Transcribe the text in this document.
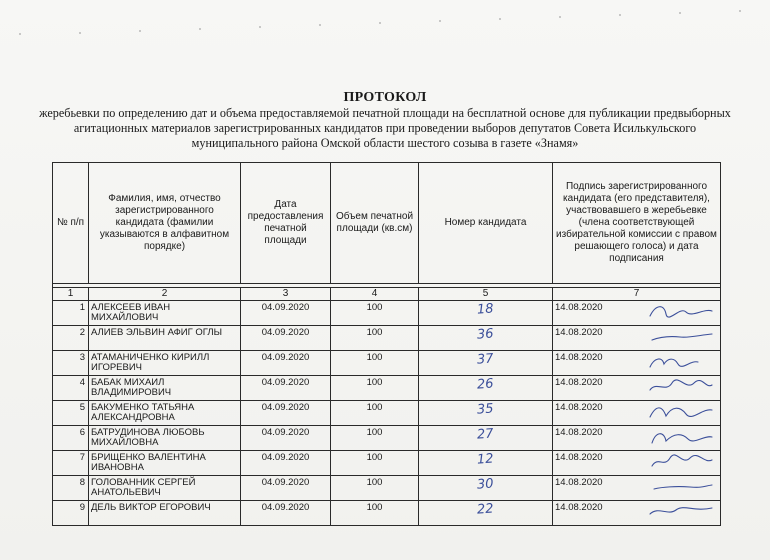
ПРОТОКОЛ
жеребьевки по определению дат и объема предоставляемой печатной площади на бесплатной основе для публикации предвыборных агитационных материалов зарегистрированных кандидатов при проведении выборов депутатов Совета Исилькульского муниципального района Омской области шестого созыва в газете «Знамя»
№ п/п	Фамилия, имя, отчество зарегистрированного кандидата (фамилии указываются в алфавитном порядке)	Дата предоставления печатной площади	Объем печатной площади (кв.см)	Номер кандидата	Подпись зарегистрированного кандидата (его представителя), участвовавшего в жеребьевке (члена соответствующей избирательной комиссии с правом решающего голоса) и дата подписания

1	2	3	4	5	7
1	АЛЕКСЕЕВ ИВАН МИХАЙЛОВИЧ	04.09.2020	100	18	14.08.2020

2	АЛИЕВ ЭЛЬВИН АФИГ ОГЛЫ	04.09.2020	100	36	14.08.2020

3	АТАМАНИЧЕНКО КИРИЛЛ ИГОРЕВИЧ	04.09.2020	100	37	14.08.2020

4	БАБАК МИХАИЛ ВЛАДИМИРОВИЧ	04.09.2020	100	26	14.08.2020

5	БАКУМЕНКО ТАТЬЯНА АЛЕКСАНДРОВНА	04.09.2020	100	35	14.08.2020

6	БАТРУДИНОВА ЛЮБОВЬ МИХАЙЛОВНА	04.09.2020	100	27	14.08.2020

7	БРИЩЕНКО ВАЛЕНТИНА ИВАНОВНА	04.09.2020	100	12	14.08.2020

8	ГОЛОВАННИК СЕРГЕЙ АНАТОЛЬЕВИЧ	04.09.2020	100	30	14.08.2020

9	ДЕЛЬ ВИКТОР ЕГОРОВИЧ	04.09.2020	100	22	14.08.2020
